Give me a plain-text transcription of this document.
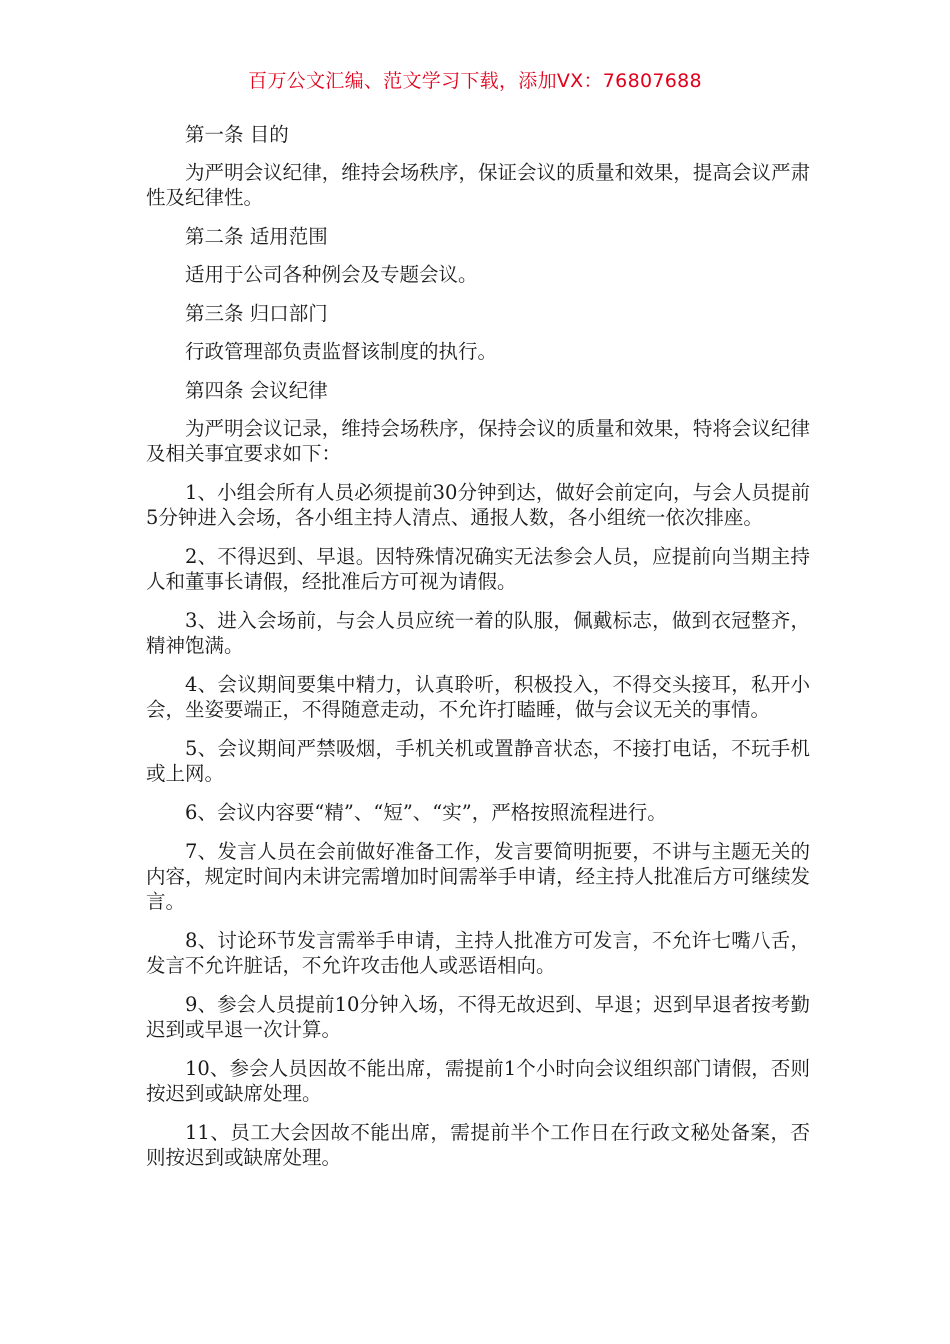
百万公文汇编、范文学习下载，添加VX：76807688

第一条 目的

为严明会议纪律，维持会场秩序，保证会议的质量和效果，提高会议严肃性及纪律性。

第二条 适用范围

适用于公司各种例会及专题会议。

第三条 归口部门

行政管理部负责监督该制度的执行。

第四条 会议纪律

为严明会议记录，维持会场秩序，保持会议的质量和效果，特将会议纪律及相关事宜要求如下：

1、小组会所有人员必须提前30分钟到达，做好会前定向，与会人员提前5分钟进入会场，各小组主持人清点、通报人数，各小组统一依次排座。

2、不得迟到、早退。因特殊情况确实无法参会人员，应提前向当期主持人和董事长请假，经批准后方可视为请假。

3、进入会场前，与会人员应统一着的队服，佩戴标志，做到衣冠整齐，精神饱满。

4、会议期间要集中精力，认真聆听，积极投入，不得交头接耳，私开小会，坐姿要端正，不得随意走动，不允许打瞌睡，做与会议无关的事情。

5、会议期间严禁吸烟，手机关机或置静音状态，不接打电话，不玩手机或上网。

6、会议内容要“精”、“短”、“实”，严格按照流程进行。

7、发言人员在会前做好准备工作，发言要简明扼要，不讲与主题无关的内容，规定时间内未讲完需增加时间需举手申请，经主持人批准后方可继续发言。

8、讨论环节发言需举手申请，主持人批准方可发言，不允许七嘴八舌，发言不允许脏话，不允许攻击他人或恶语相向。

9、参会人员提前10分钟入场，不得无故迟到、早退；迟到早退者按考勤迟到或早退一次计算。

10、参会人员因故不能出席，需提前1个小时向会议组织部门请假，否则按迟到或缺席处理。

11、员工大会因故不能出席，需提前半个工作日在行政文秘处备案，否则按迟到或缺席处理。
